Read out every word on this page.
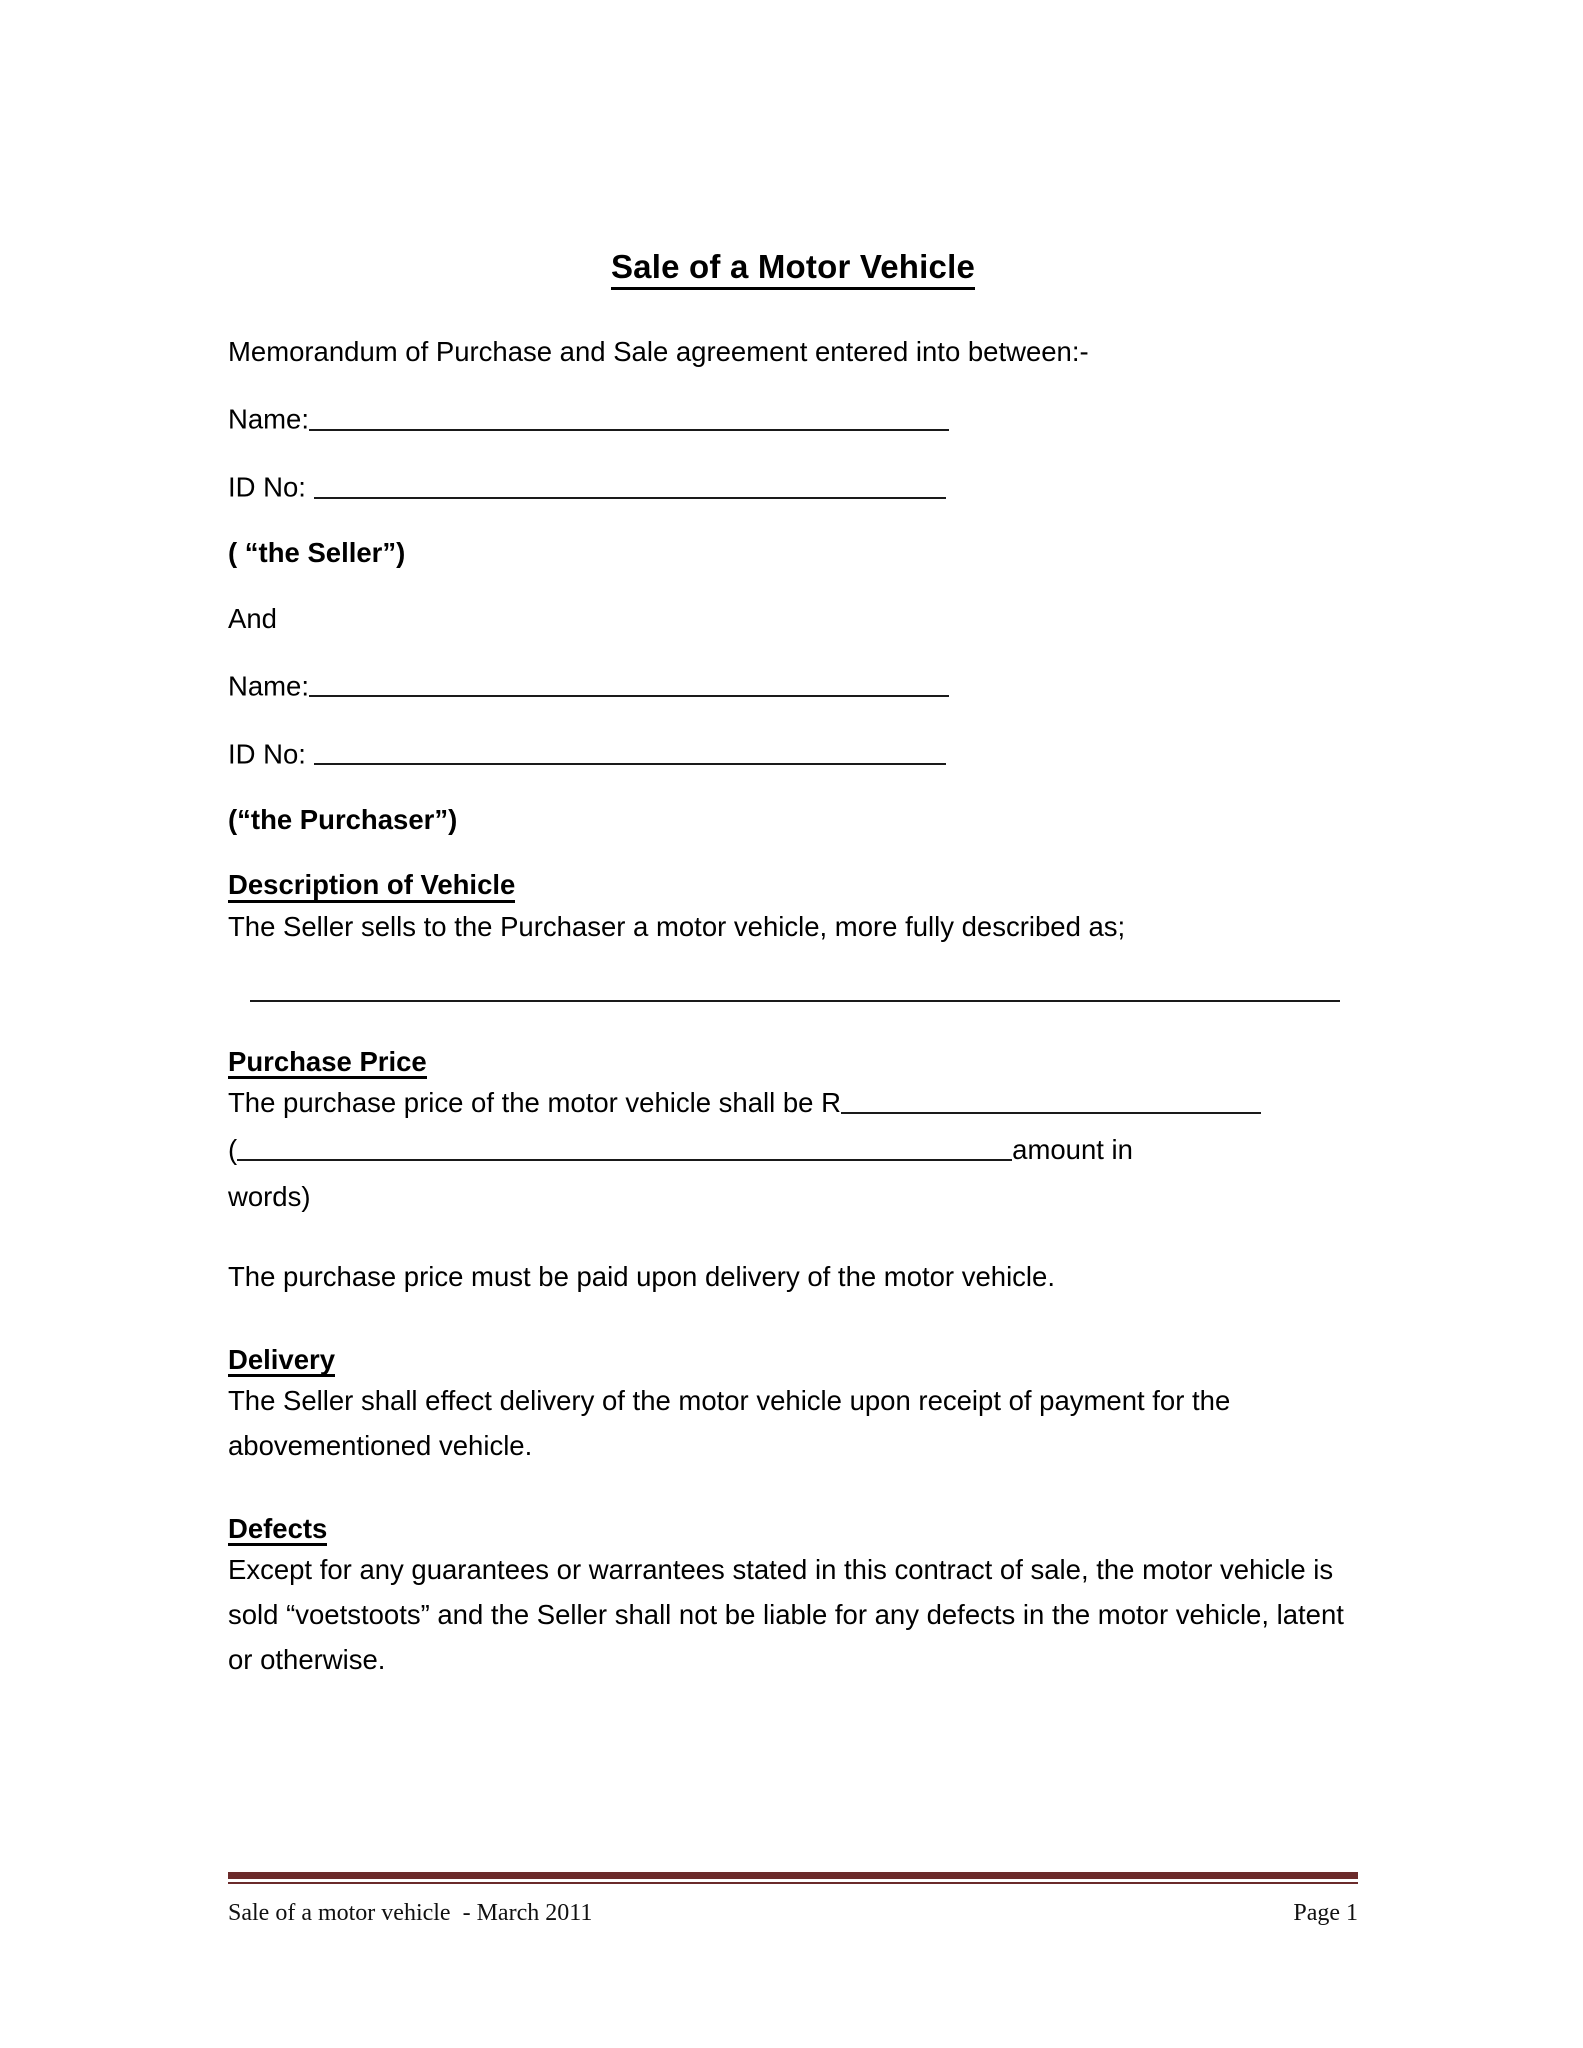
Sale of a Motor Vehicle

Memorandum of Purchase and Sale agreement entered into between:-

Name:

ID No:

( “the Seller”)

And

Name:

ID No:

(“the Purchaser”)

Description of Vehicle
The Seller sells to the Purchaser a motor vehicle, more fully described as;
Purchase Price
The purchase price of the motor vehicle shall be R
(	amount in
words)
The purchase price must be paid upon delivery of the motor vehicle.
Delivery
The Seller shall effect delivery of the motor vehicle upon receipt of payment for the abovementioned vehicle.
Defects
Except for any guarantees or warrantees stated in this contract of sale, the motor vehicle is sold “voetstoots” and the Seller shall not be liable for any defects in the motor vehicle, latent or otherwise.
Sale of a motor vehicle  - March 2011	Page 1
